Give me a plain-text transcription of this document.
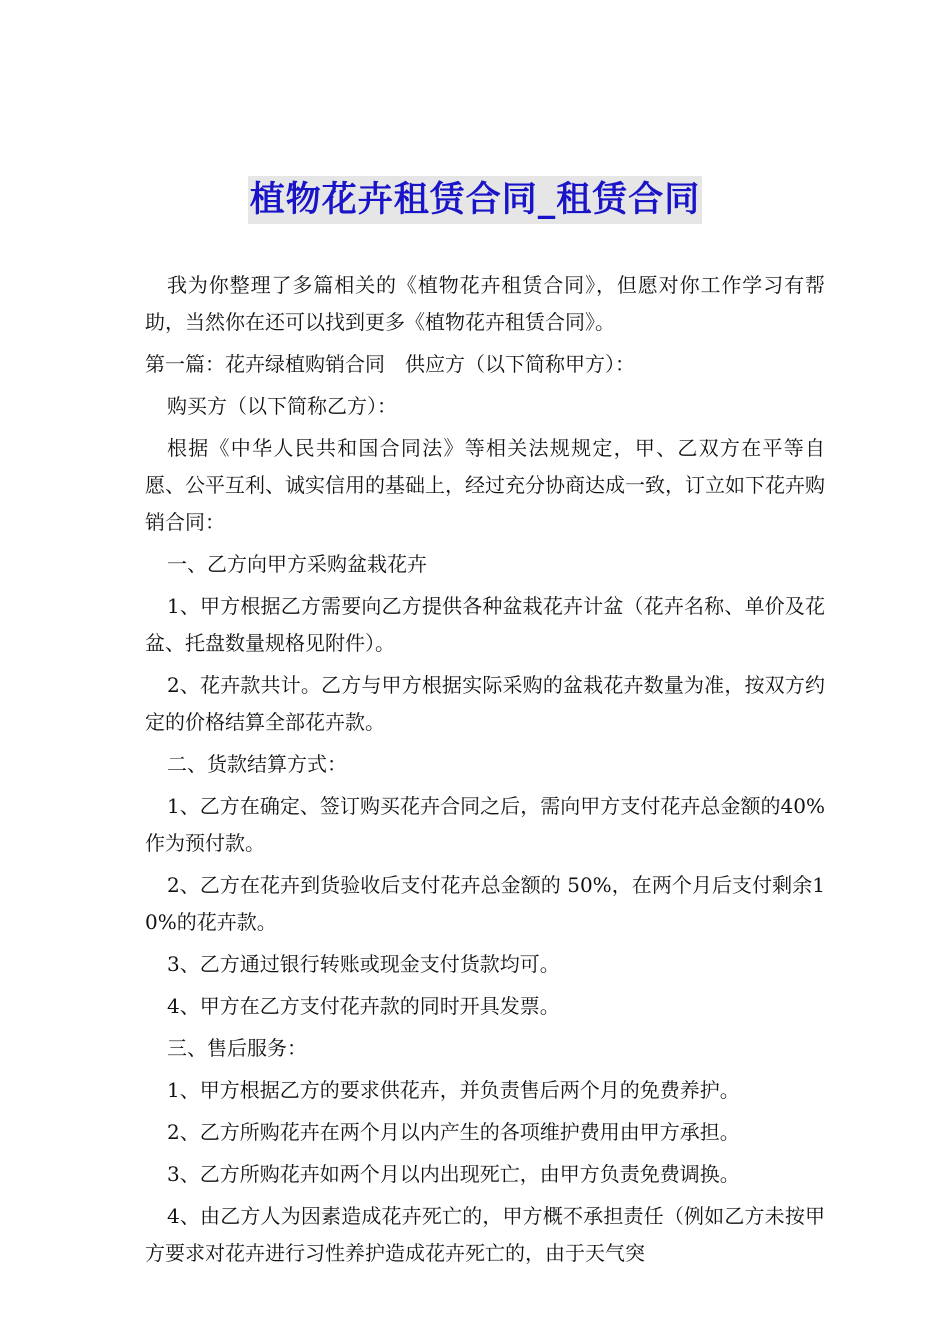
植物花卉租赁合同_租赁合同

我为你整理了多篇相关的《植物花卉租赁合同》，但愿对你工作学习有帮助，当然你在还可以找到更多《植物花卉租赁合同》。

第一篇：花卉绿植购销合同　供应方（以下简称甲方）：

购买方（以下简称乙方）：

根据《中华人民共和国合同法》等相关法规规定，甲、乙双方在平等自愿、公平互利、诚实信用的基础上，经过充分协商达成一致，订立如下花卉购销合同：

一、乙方向甲方采购盆栽花卉

1、甲方根据乙方需要向乙方提供各种盆栽花卉计盆（花卉名称、单价及花盆、托盘数量规格见附件）。

2、花卉款共计。乙方与甲方根据实际采购的盆栽花卉数量为准，按双方约定的价格结算全部花卉款。

二、货款结算方式：

1、乙方在确定、签订购买花卉合同之后，需向甲方支付花卉总金额的40%作为预付款。

2、乙方在花卉到货验收后支付花卉总金额的 50%，在两个月后支付剩余10%的花卉款。

3、乙方通过银行转账或现金支付货款均可。

4、甲方在乙方支付花卉款的同时开具发票。

三、售后服务：

1、甲方根据乙方的要求供花卉，并负责售后两个月的免费养护。

2、乙方所购花卉在两个月以内产生的各项维护费用由甲方承担。

3、乙方所购花卉如两个月以内出现死亡，由甲方负责免费调换。

4、由乙方人为因素造成花卉死亡的，甲方概不承担责任（例如乙方未按甲方要求对花卉进行习性养护造成花卉死亡的，由于天气突
